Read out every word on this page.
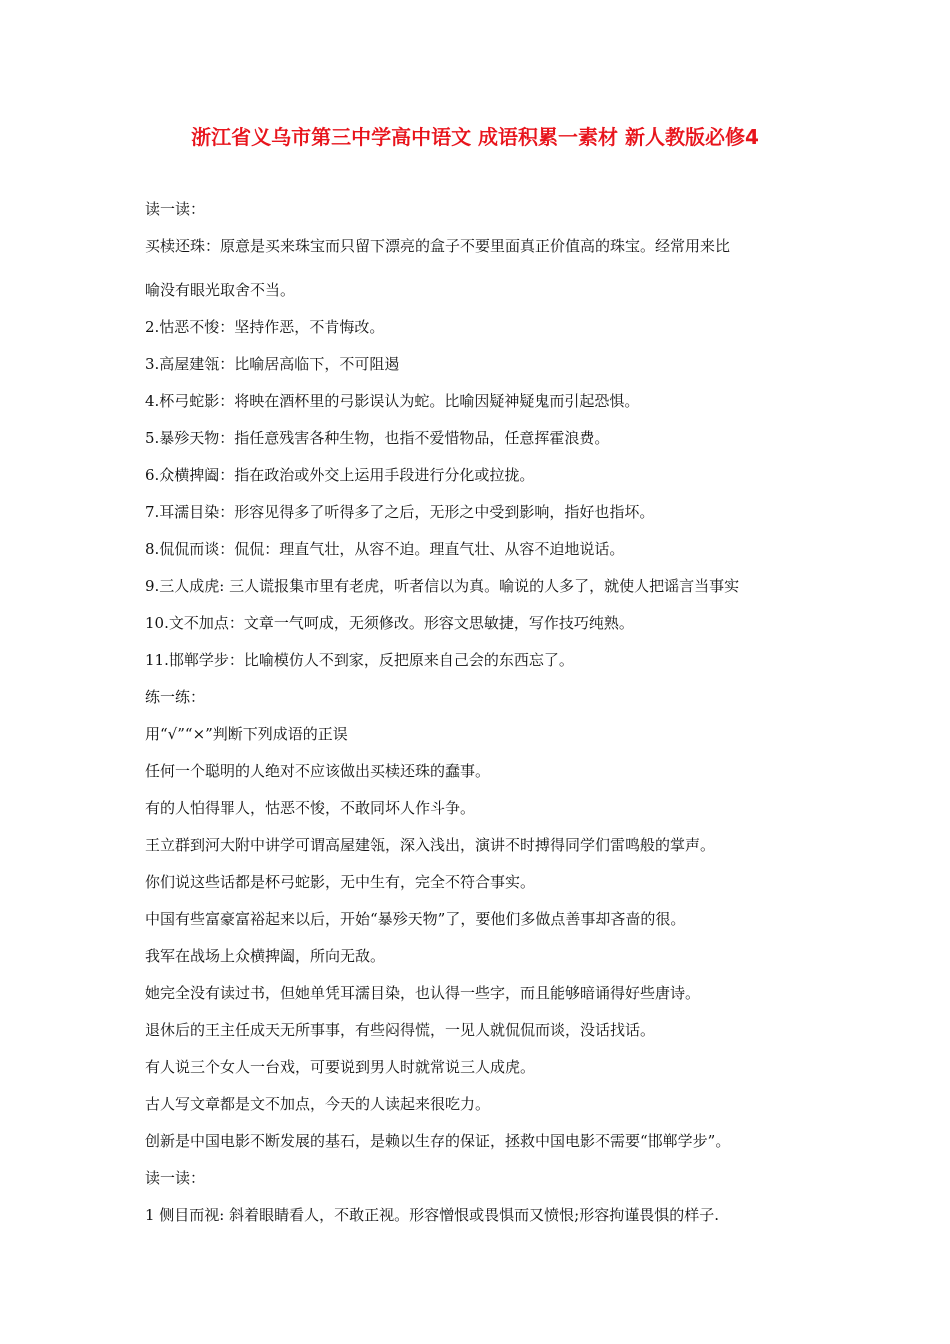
浙江省义乌市第三中学高中语文 成语积累一素材 新人教版必修4
读一读：
买椟还珠：原意是买来珠宝而只留下漂亮的盒子不要里面真正价值高的珠宝。经常用来比
喻没有眼光取舍不当。
2.怙恶不悛：坚持作恶，不肯悔改。
3.高屋建瓴：比喻居高临下，不可阻遏
4.杯弓蛇影：将映在酒杯里的弓影误认为蛇。比喻因疑神疑鬼而引起恐惧。
5.暴殄天物：指任意残害各种生物，也指不爱惜物品，任意挥霍浪费。
6.众横捭阖：指在政治或外交上运用手段进行分化或拉拢。
7.耳濡目染：形容见得多了听得多了之后，无形之中受到影响，指好也指坏。
8.侃侃而谈：侃侃：理直气壮，从容不迫。理直气壮、从容不迫地说话。
9.三人成虎: 三人谎报集市里有老虎，听者信以为真。喻说的人多了，就使人把谣言当事实
10.文不加点：文章一气呵成，无须修改。形容文思敏捷，写作技巧纯熟。
11.邯郸学步：比喻模仿人不到家，反把原来自己会的东西忘了。
练一练：
用“√”“×”判断下列成语的正误
任何一个聪明的人绝对不应该做出买椟还珠的蠢事。
有的人怕得罪人，怙恶不悛，不敢同坏人作斗争。
王立群到河大附中讲学可谓高屋建瓴，深入浅出，演讲不时搏得同学们雷鸣般的掌声。
你们说这些话都是杯弓蛇影，无中生有，完全不符合事实。
中国有些富豪富裕起来以后，开始“暴殄天物”了，要他们多做点善事却吝啬的很。
我军在战场上众横捭阖，所向无敌。
她完全没有读过书，但她单凭耳濡目染，也认得一些字，而且能够暗诵得好些唐诗。
退休后的王主任成天无所事事，有些闷得慌，一见人就侃侃而谈，没话找话。
有人说三个女人一台戏，可要说到男人时就常说三人成虎。
古人写文章都是文不加点，今天的人读起来很吃力。
创新是中国电影不断发展的基石，是赖以生存的保证，拯救中国电影不需要“邯郸学步”。
读一读：
1 侧目而视: 斜着眼睛看人，不敢正视。形容憎恨或畏惧而又愤恨;形容拘谨畏惧的样子.
